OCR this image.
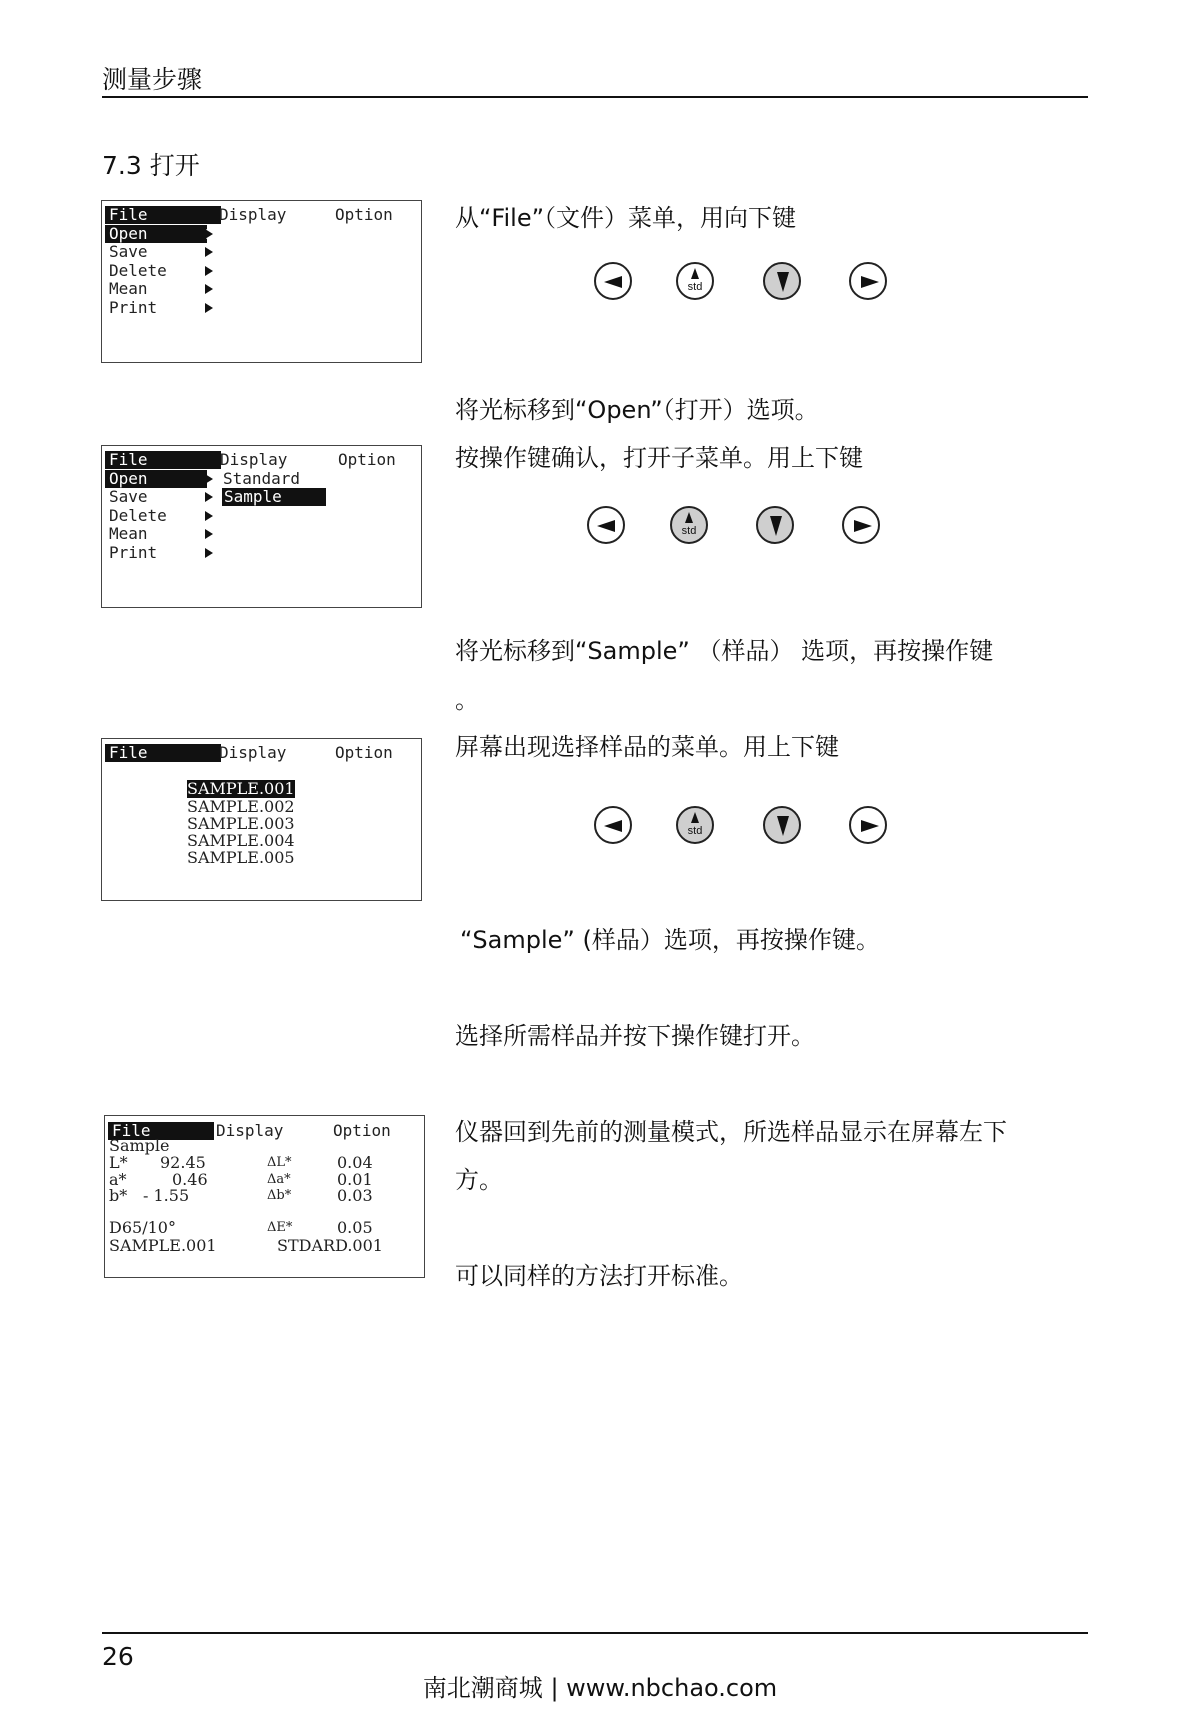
测量步骤
7.3 打开
File	Display	Option
Open
Save
Delete
Mean
Print
从“File”（文件）菜单，用向下键
std
将光标移到“Open”（打开）选项。
按操作键确认，打开子菜单。用上下键
File	Display	Option
Open	Standard
Save	Sample
Delete
Mean
Print
std
将光标移到“Sample” （样品） 选项，再按操作键
。
屏幕出现选择样品的菜单。用上下键
File	Display	Option
SAMPLE.001
SAMPLE.002
SAMPLE.003
SAMPLE.004
SAMPLE.005
std
“Sample” (样品）选项，再按操作键。
选择所需样品并按下操作键打开。
File	Display	Option
Sample
L* 92.45	ΔL*	0.04
a*	0.46	Δa*	0.01
b* - 1.55	Δb*	0.03
D65/10°	ΔE*	0.05
SAMPLE.001	STDARD.001
仪器回到先前的测量模式，所选样品显示在屏幕左下
方。
可以同样的方法打开标准。
26
南北潮商城 | www.nbchao.com
